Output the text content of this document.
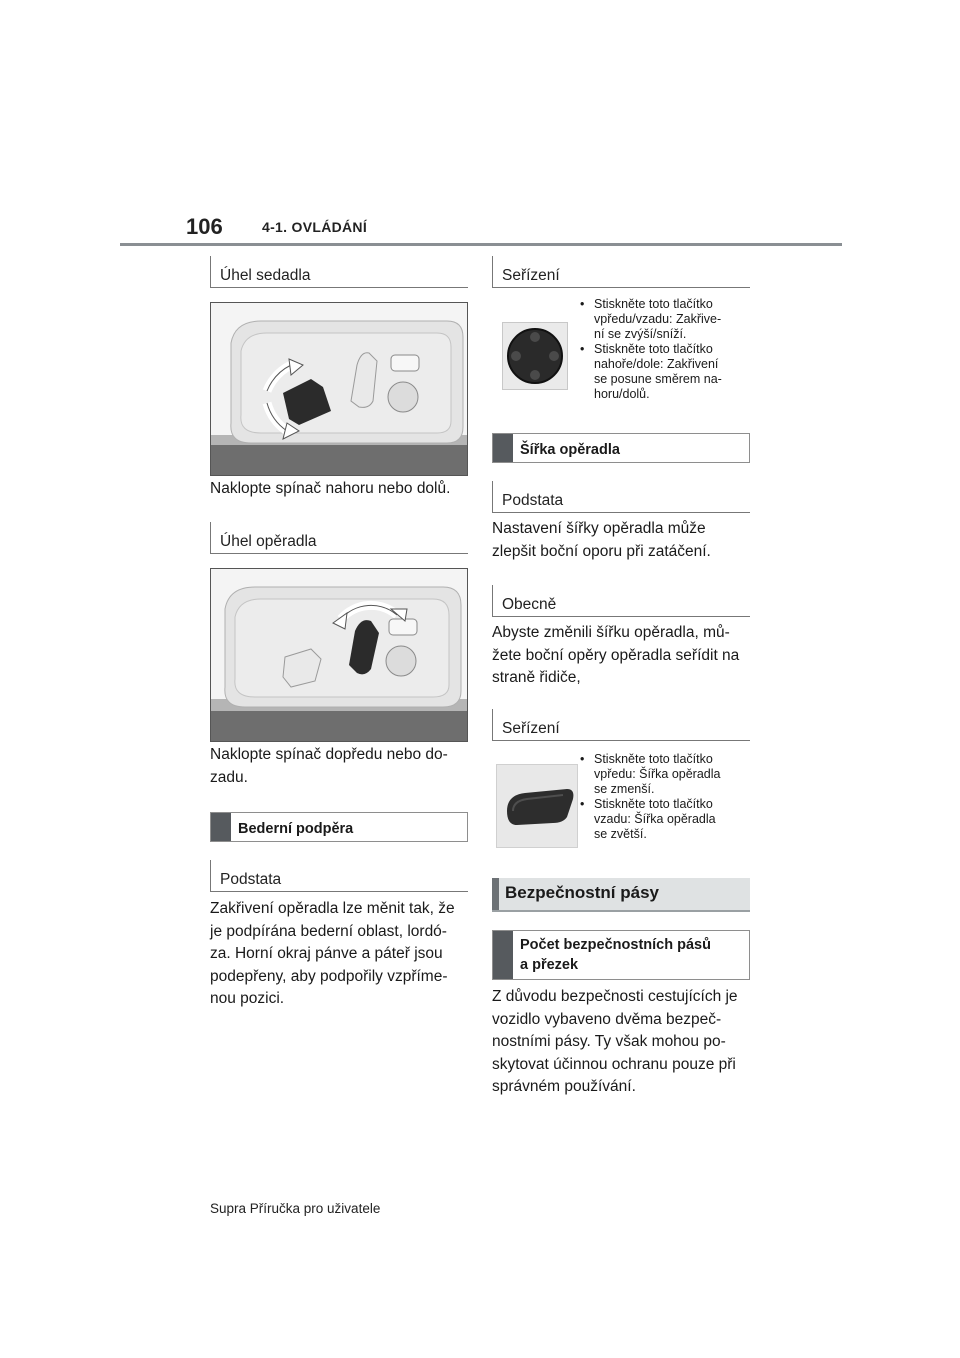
106	4-1. OVLÁDÁNÍ
Úhel sedadla
Naklopte spínač nahoru nebo dolů.
Úhel opěradla
Naklopte spínač dopředu nebo do-
zadu.
Bederní podpěra
Podstata
Zakřivení opěradla lze měnit tak, že
je podpírána bederní oblast, lordó-
za. Horní okraj pánve a páteř jsou
podepřeny, aby podpořily vzpříme-
nou pozici.
Seřízení
• Stiskněte toto tlačítko
vpředu/vzadu: Zakřive-
ní se zvýší/sníží.
• Stiskněte toto tlačítko
nahoře/dole: Zakřivení
se posune směrem na-
horu/dolů.
Šířka opěradla
Podstata
Nastavení šířky opěradla může
zlepšit boční oporu při zatáčení.
Obecně
Abyste změnili šířku opěradla, mů-
žete boční opěry opěradla seřídit na
straně řidiče,
Seřízení
• Stiskněte toto tlačítko
vpředu: Šířka opěradla
se zmenší.
• Stiskněte toto tlačítko
vzadu: Šířka opěradla
se zvětší.
Bezpečnostní pásy
Počet bezpečnostních pásů
a přezek
Z důvodu bezpečnosti cestujících je
vozidlo vybaveno dvěma bezpeč-
nostními pásy. Ty však mohou po-
skytovat účinnou ochranu pouze při
správném používání.
Supra Příručka pro uživatele
